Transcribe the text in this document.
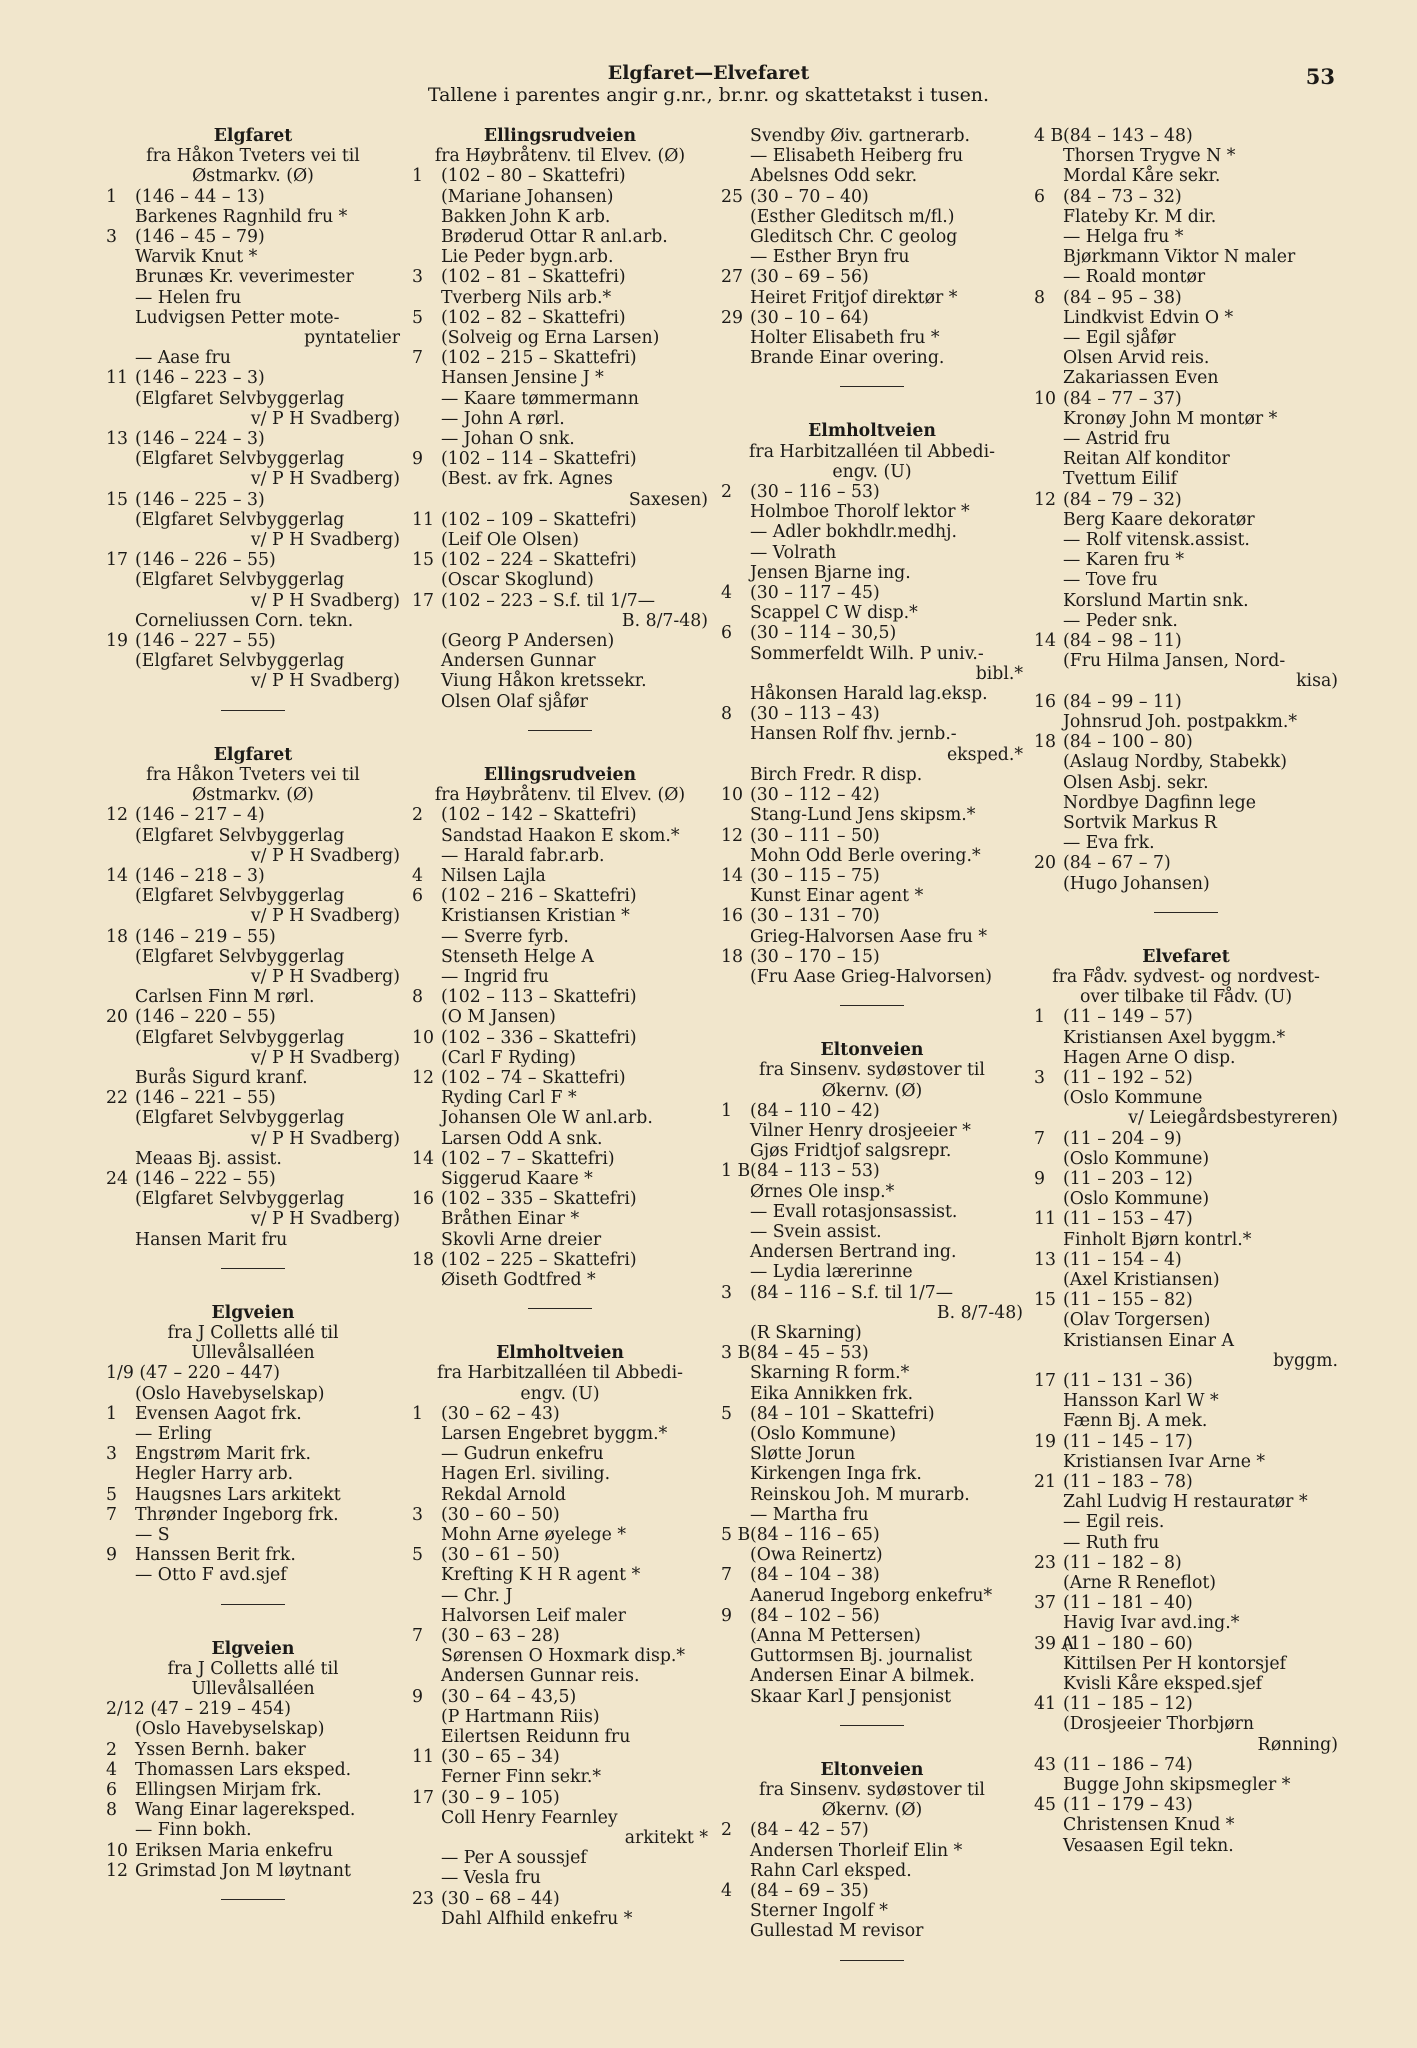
Elgfaret—Elvefaret
Tallene i parentes angir g.nr., br.nr. og skattetakst i tusen.
53
Elgfaret
fra Håkon Tveters vei til
Østmarkv. (Ø)
1	(146 – 44 – 13)
Barkenes Ragnhild fru *
3	(146 – 45 – 79)
Warvik Knut *
Brunæs Kr. veverimester
— Helen fru
Ludvigsen Petter mote-
pyntatelier
— Aase fru
11 (146 – 223 – 3)
(Elgfaret Selvbyggerlag
v/ P H Svadberg)
13 (146 – 224 – 3)
(Elgfaret Selvbyggerlag
v/ P H Svadberg)
15 (146 – 225 – 3)
(Elgfaret Selvbyggerlag
v/ P H Svadberg)
17 (146 – 226 – 55)
(Elgfaret Selvbyggerlag
v/ P H Svadberg)
Corneliussen Corn. tekn.
19 (146 – 227 – 55)
(Elgfaret Selvbyggerlag
v/ P H Svadberg)
Elgfaret
fra Håkon Tveters vei til
Østmarkv. (Ø)
12 (146 – 217 – 4)
(Elgfaret Selvbyggerlag
v/ P H Svadberg)
14 (146 – 218 – 3)
(Elgfaret Selvbyggerlag
v/ P H Svadberg)
18 (146 – 219 – 55)
(Elgfaret Selvbyggerlag
v/ P H Svadberg)
Carlsen Finn M rørl.
20 (146 – 220 – 55)
(Elgfaret Selvbyggerlag
v/ P H Svadberg)
Burås Sigurd kranf.
22 (146 – 221 – 55)
(Elgfaret Selvbyggerlag
v/ P H Svadberg)
Meaas Bj. assist.
24 (146 – 222 – 55)
(Elgfaret Selvbyggerlag
v/ P H Svadberg)
Hansen Marit fru
Elgveien
fra J Colletts allé til
Ullevålsalléen
1/9 (47 – 220 – 447)
(Oslo Havebyselskap)
1	Evensen Aagot frk.
— Erling
3	Engstrøm Marit frk.
Hegler Harry arb.
5	Haugsnes Lars arkitekt
7	Thrønder Ingeborg frk.
— S
9	Hanssen Berit frk.
— Otto F avd.sjef
Elgveien
fra J Colletts allé til
Ullevålsalléen
2/12 (47 – 219 – 454)
(Oslo Havebyselskap)
2	Yssen Bernh. baker
4	Thomassen Lars eksped.
6	Ellingsen Mirjam frk.
8	Wang Einar lagereksped.
— Finn bokh.
10 Eriksen Maria enkefru
12 Grimstad Jon M løytnant
Ellingsrudveien
fra Høybråtenv. til Elvev. (Ø)
1	(102 – 80 – Skattefri)
(Mariane Johansen)
Bakken John K arb.
Brøderud Ottar R anl.arb.
Lie Peder bygn.arb.
3	(102 – 81 – Skattefri)
Tverberg Nils arb.*
5	(102 – 82 – Skattefri)
(Solveig og Erna Larsen)
7	(102 – 215 – Skattefri)
Hansen Jensine J *
— Kaare tømmermann
— John A rørl.
— Johan O snk.
9	(102 – 114 – Skattefri)
(Best. av frk. Agnes
Saxesen)
11 (102 – 109 – Skattefri)
(Leif Ole Olsen)
15 (102 – 224 – Skattefri)
(Oscar Skoglund)
17 (102 – 223 – S.f. til 1/7—
B. 8/7-48)
(Georg P Andersen)
Andersen Gunnar
Viung Håkon kretssekr.
Olsen Olaf sjåfør
Ellingsrudveien
fra Høybråtenv. til Elvev. (Ø)
2	(102 – 142 – Skattefri)
Sandstad Haakon E skom.*
— Harald fabr.arb.
4	Nilsen Lajla
6	(102 – 216 – Skattefri)
Kristiansen Kristian *
— Sverre fyrb.
Stenseth Helge A
— Ingrid fru
8	(102 – 113 – Skattefri)
(O M Jansen)
10 (102 – 336 – Skattefri)
(Carl F Ryding)
12 (102 – 74 – Skattefri)
Ryding Carl F *
Johansen Ole W anl.arb.
Larsen Odd A snk.
14 (102 – 7 – Skattefri)
Siggerud Kaare *
16 (102 – 335 – Skattefri)
Bråthen Einar *
Skovli Arne dreier
18 (102 – 225 – Skattefri)
Øiseth Godtfred *
Elmholtveien
fra Harbitzalléen til Abbedi-
engv. (U)
1	(30 – 62 – 43)
Larsen Engebret byggm.*
— Gudrun enkefru
Hagen Erl. siviling.
Rekdal Arnold
3	(30 – 60 – 50)
Mohn Arne øyelege *
5	(30 – 61 – 50)
Krefting K H R agent *
— Chr. J
Halvorsen Leif maler
7	(30 – 63 – 28)
Sørensen O Hoxmark disp.*
Andersen Gunnar reis.
9	(30 – 64 – 43,5)
(P Hartmann Riis)
Eilertsen Reidunn fru
11 (30 – 65 – 34)
Ferner Finn sekr.*
17 (30 – 9 – 105)
Coll Henry Fearnley
arkitekt *
— Per A soussjef
— Vesla fru
23 (30 – 68 – 44)
Dahl Alfhild enkefru *
Svendby Øiv. gartnerarb.
— Elisabeth Heiberg fru
Abelsnes Odd sekr.
25 (30 – 70 – 40)
(Esther Gleditsch m/fl.)
Gleditsch Chr. C geolog
— Esther Bryn fru
27 (30 – 69 – 56)
Heiret Fritjof direktør *
29 (30 – 10 – 64)
Holter Elisabeth fru *
Brande Einar overing.
Elmholtveien
fra Harbitzalléen til Abbedi-
engv. (U)
2	(30 – 116 – 53)
Holmboe Thorolf lektor *
— Adler bokhdlr.medhj.
— Volrath
Jensen Bjarne ing.
4	(30 – 117 – 45)
Scappel C W disp.*
6	(30 – 114 – 30,5)
Sommerfeldt Wilh. P univ.-
bibl.*
Håkonsen Harald lag.eksp.
8	(30 – 113 – 43)
Hansen Rolf fhv. jernb.-
eksped.*
Birch Fredr. R disp.
10 (30 – 112 – 42)
Stang-Lund Jens skipsm.*
12 (30 – 111 – 50)
Mohn Odd Berle overing.*
14 (30 – 115 – 75)
Kunst Einar agent *
16 (30 – 131 – 70)
Grieg-Halvorsen Aase fru *
18 (30 – 170 – 15)
(Fru Aase Grieg-Halvorsen)
Eltonveien
fra Sinsenv. sydøstover til
Økernv. (Ø)
1	(84 – 110 – 42)
Vilner Henry drosjeeier *
Gjøs Fridtjof salgsrepr.
1 B (84 – 113 – 53)
Ørnes Ole insp.*
— Evall rotasjonsassist.
— Svein assist.
Andersen Bertrand ing.
— Lydia lærerinne
3	(84 – 116 – S.f. til 1/7—
B. 8/7-48)
(R Skarning)
3 B (84 – 45 – 53)
Skarning R form.*
Eika Annikken frk.
5	(84 – 101 – Skattefri)
(Oslo Kommune)
Sløtte Jorun
Kirkengen Inga frk.
Reinskou Joh. M murarb.
— Martha fru
5 B (84 – 116 – 65)
(Owa Reinertz)
7	(84 – 104 – 38)
Aanerud Ingeborg enkefru*
9	(84 – 102 – 56)
(Anna M Pettersen)
Guttormsen Bj. journalist
Andersen Einar A bilmek.
Skaar Karl J pensjonist
Eltonveien
fra Sinsenv. sydøstover til
Økernv. (Ø)
2	(84 – 42 – 57)
Andersen Thorleif Elin *
Rahn Carl eksped.
4	(84 – 69 – 35)
Sterner Ingolf *
Gullestad M revisor
4 B (84 – 143 – 48)
Thorsen Trygve N *
Mordal Kåre sekr.
6	(84 – 73 – 32)
Flateby Kr. M dir.
— Helga fru *
Bjørkmann Viktor N maler
— Roald montør
8	(84 – 95 – 38)
Lindkvist Edvin O *
— Egil sjåfør
Olsen Arvid reis.
Zakariassen Even
10 (84 – 77 – 37)
Kronøy John M montør *
— Astrid fru
Reitan Alf konditor
Tvettum Eilif
12 (84 – 79 – 32)
Berg Kaare dekoratør
— Rolf vitensk.assist.
— Karen fru *
— Tove fru
Korslund Martin snk.
— Peder snk.
14 (84 – 98 – 11)
(Fru Hilma Jansen, Nord-
kisa)
16 (84 – 99 – 11)
Johnsrud Joh. postpakkm.*
18 (84 – 100 – 80)
(Aslaug Nordby, Stabekk)
Olsen Asbj. sekr.
Nordbye Dagfinn lege
Sortvik Markus R
— Eva frk.
20 (84 – 67 – 7)
(Hugo Johansen)
Elvefaret
fra Fådv. sydvest- og nordvest-
over tilbake til Fådv. (U)
1	(11 – 149 – 57)
Kristiansen Axel byggm.*
Hagen Arne O disp.
3	(11 – 192 – 52)
(Oslo Kommune
v/ Leiegårdsbestyreren)
7	(11 – 204 – 9)
(Oslo Kommune)
9	(11 – 203 – 12)
(Oslo Kommune)
11 (11 – 153 – 47)
Finholt Bjørn kontrl.*
13 (11 – 154 – 4)
(Axel Kristiansen)
15 (11 – 155 – 82)
(Olav Torgersen)
Kristiansen Einar A
byggm.
17 (11 – 131 – 36)
Hansson Karl W *
Fænn Bj. A mek.
19 (11 – 145 – 17)
Kristiansen Ivar Arne *
21 (11 – 183 – 78)
Zahl Ludvig H restauratør *
— Egil reis.
— Ruth fru
23 (11 – 182 – 8)
(Arne R Reneflot)
37 (11 – 181 – 40)
Havig Ivar avd.ing.*
39 A
(11 – 180 – 60)
Kittilsen Per H kontorsjef
Kvisli Kåre eksped.sjef
41 (11 – 185 – 12)
(Drosjeeier Thorbjørn
Rønning)
43 (11 – 186 – 74)
Bugge John skipsmegler *
45 (11 – 179 – 43)
Christensen Knud *
Vesaasen Egil tekn.
